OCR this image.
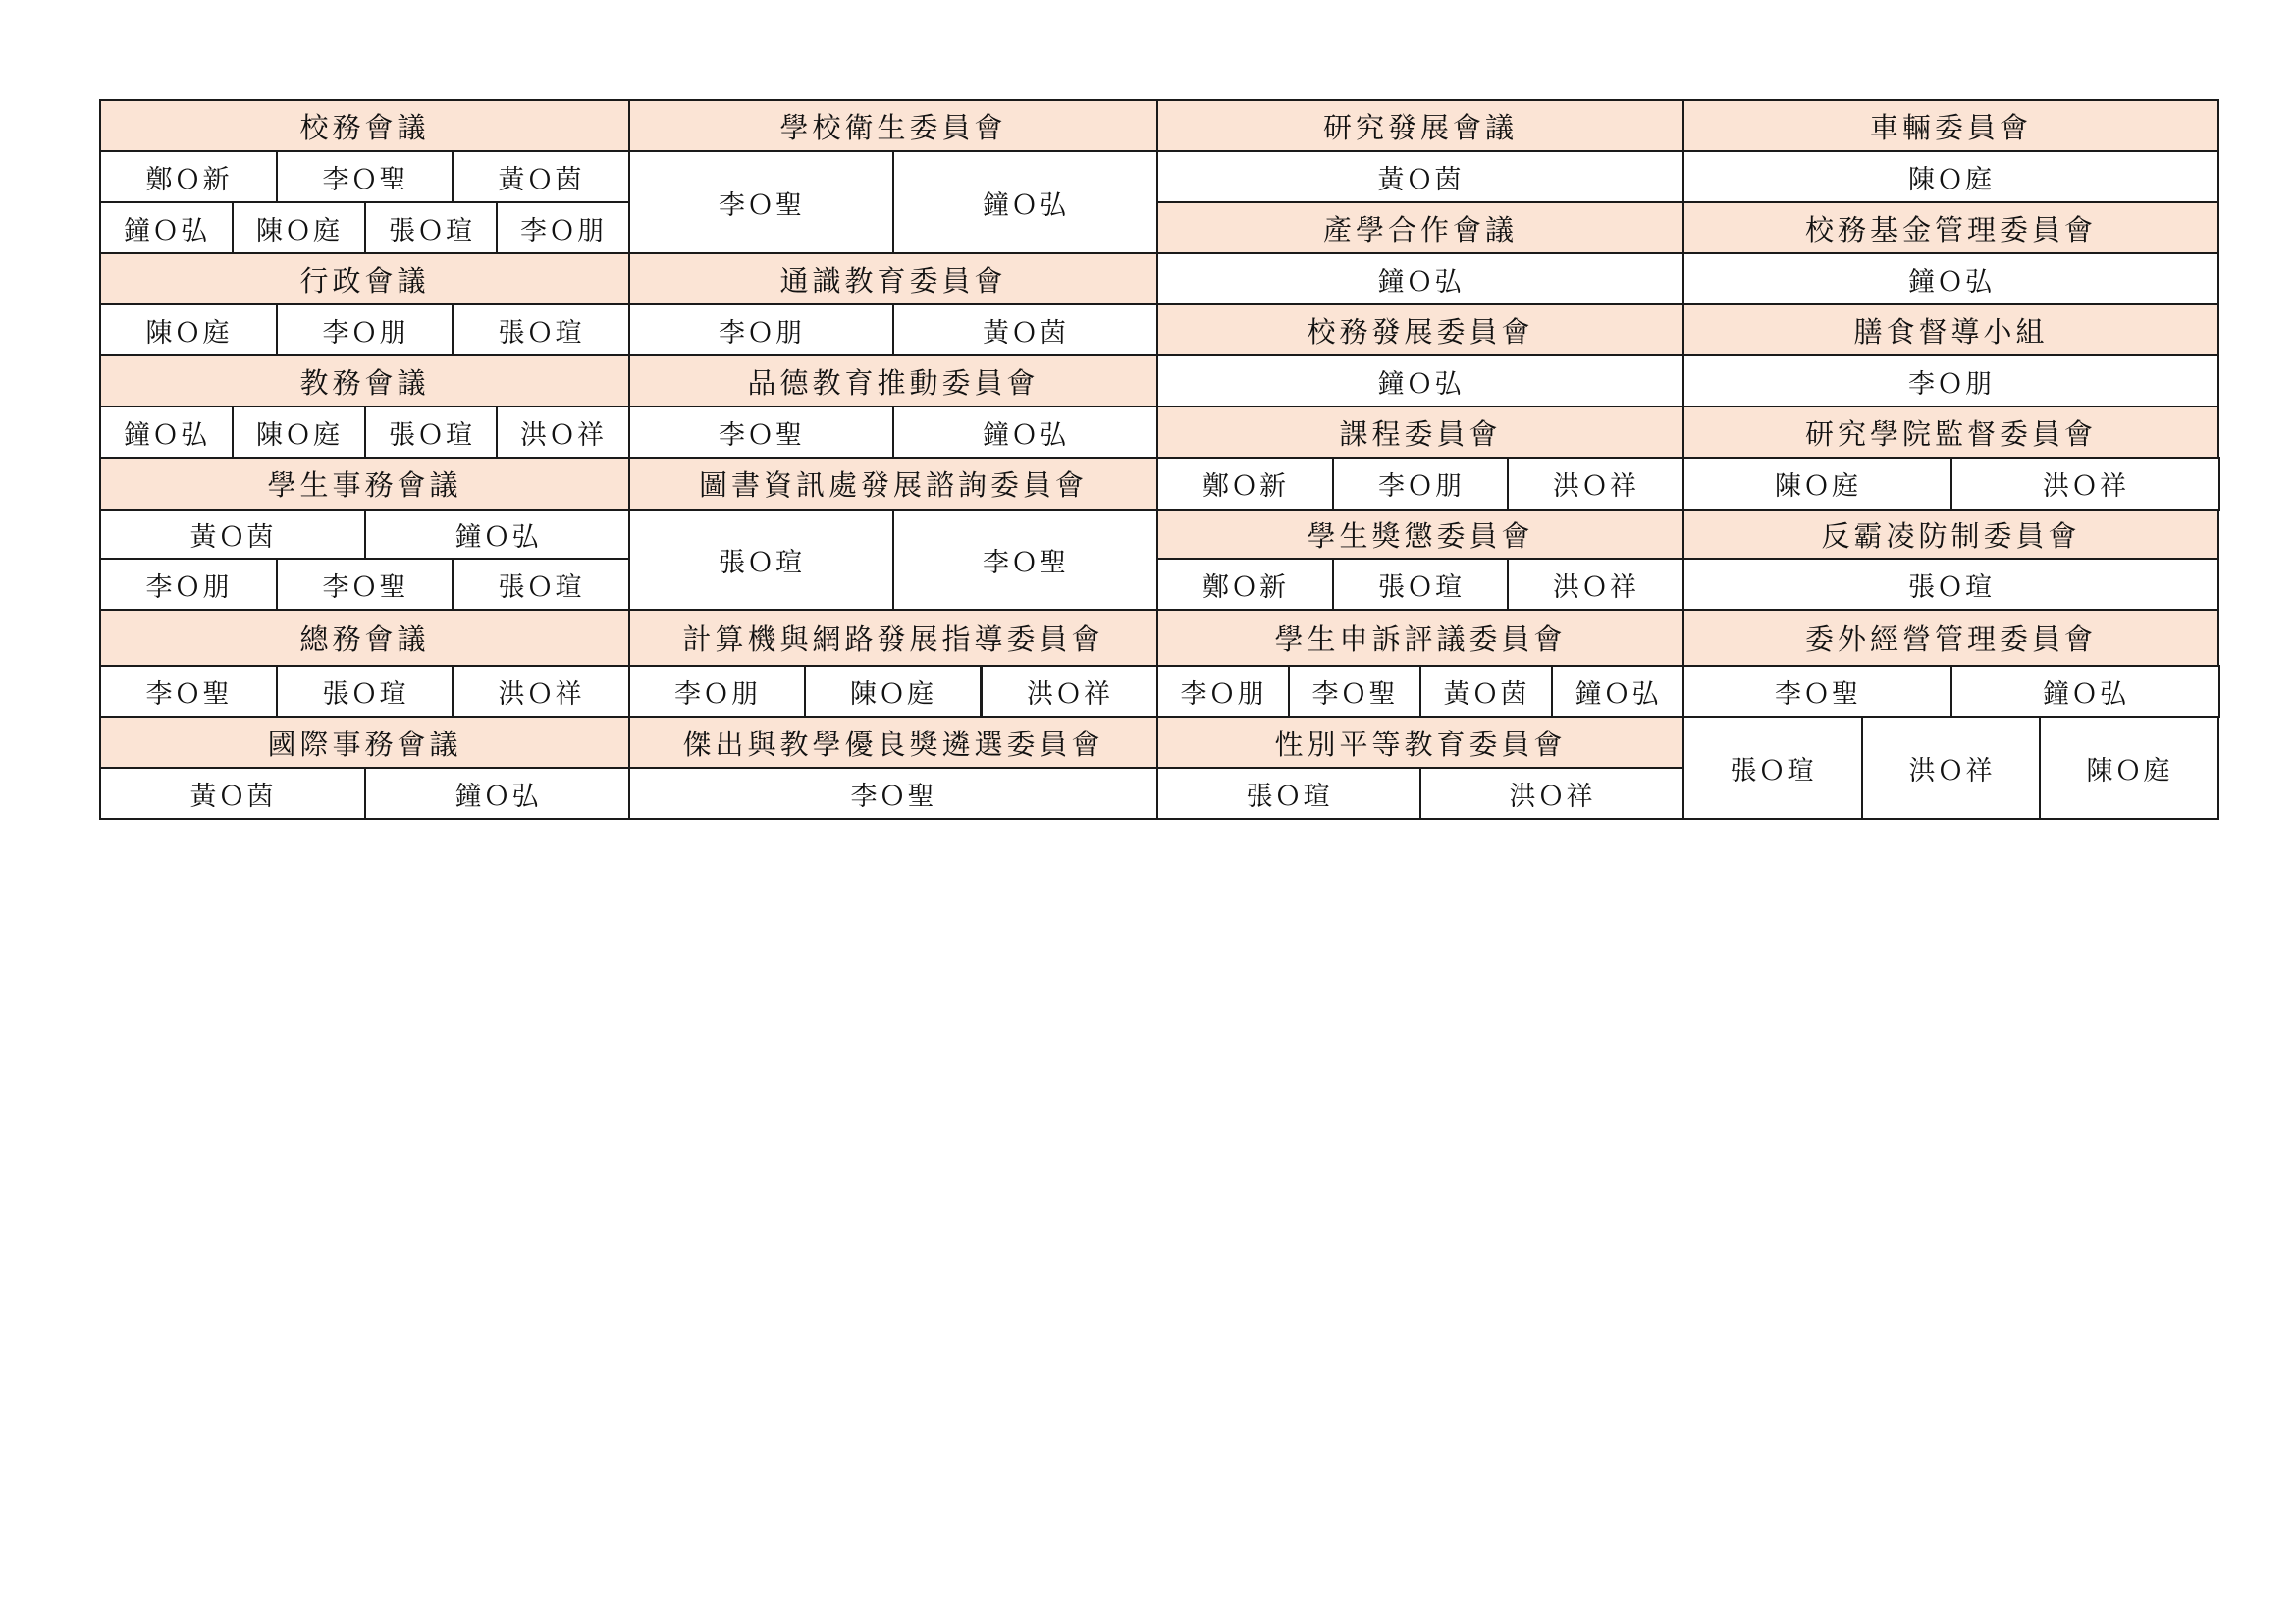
校務會議
鄭Ｏ新	李Ｏ聖	黃Ｏ茵
鐘Ｏ弘	陳Ｏ庭	張Ｏ瑄	李Ｏ朋
行政會議
陳Ｏ庭	李Ｏ朋	張Ｏ瑄
教務會議
鐘Ｏ弘	陳Ｏ庭	張Ｏ瑄	洪Ｏ祥
學生事務會議
黃Ｏ茵	鐘Ｏ弘
李Ｏ朋	李Ｏ聖	張Ｏ瑄
總務會議
李Ｏ聖	張Ｏ瑄	洪Ｏ祥
國際事務會議
黃Ｏ茵	鐘Ｏ弘
學校衛生委員會
李Ｏ聖	鐘Ｏ弘
通識教育委員會
李Ｏ朋	黃Ｏ茵
品德教育推動委員會
李Ｏ聖	鐘Ｏ弘
圖書資訊處發展諮詢委員會
張Ｏ瑄	李Ｏ聖
計算機與網路發展指導委員會
李Ｏ朋	陳Ｏ庭	洪Ｏ祥
傑出與教學優良獎遴選委員會
李Ｏ聖
研究發展會議
黃Ｏ茵
產學合作會議
鐘Ｏ弘
校務發展委員會
鐘Ｏ弘
課程委員會
鄭Ｏ新	李Ｏ朋	洪Ｏ祥
學生獎懲委員會
鄭Ｏ新	張Ｏ瑄	洪Ｏ祥
學生申訴評議委員會
李Ｏ朋	李Ｏ聖	黃Ｏ茵	鐘Ｏ弘
性別平等教育委員會
張Ｏ瑄	洪Ｏ祥
車輛委員會
陳Ｏ庭
校務基金管理委員會
鐘Ｏ弘
膳食督導小組
李Ｏ朋
研究學院監督委員會
陳Ｏ庭	洪Ｏ祥
反霸凌防制委員會
張Ｏ瑄
委外經營管理委員會
李Ｏ聖	鐘Ｏ弘
張Ｏ瑄	洪Ｏ祥	陳Ｏ庭
